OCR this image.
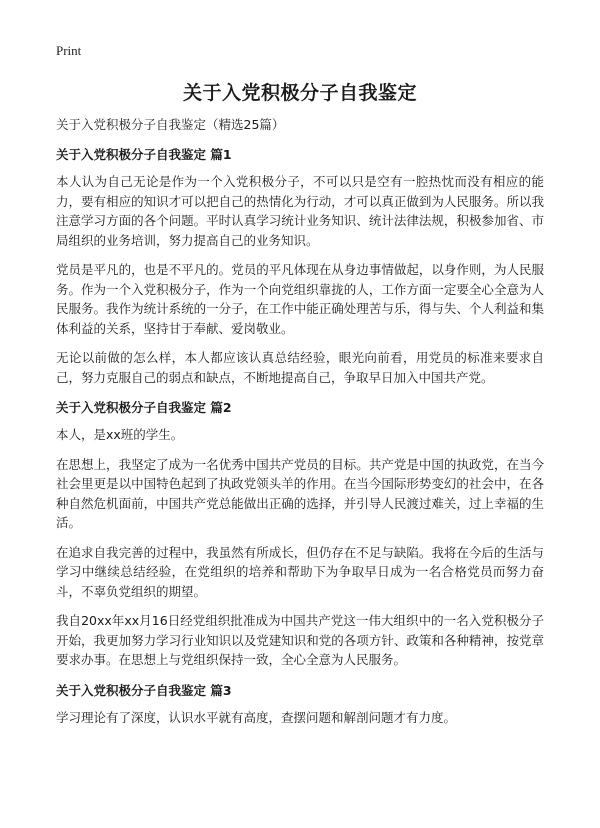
Print
关于入党积极分子自我鉴定
关于入党积极分子自我鉴定（精选25篇）
关于入党积极分子自我鉴定 篇1

本人认为自己无论是作为一个入党积极分子，不可以只是空有一腔热忱而没有相应的能力，要有相应的知识才可以把自己的热情化为行动，才可以真正做到为人民服务。所以我注意学习方面的各个问题。平时认真学习统计业务知识、统计法律法规，积极参加省、市局组织的业务培训，努力提高自己的业务知识。

党员是平凡的，也是不平凡的。党员的平凡体现在从身边事情做起，以身作则，为人民服务。作为一个入党积极分子，作为一个向党组织靠拢的人，工作方面一定要全心全意为人民服务。我作为统计系统的一分子，在工作中能正确处理苦与乐，得与失、个人利益和集体利益的关系，坚持甘于奉献、爱岗敬业。

无论以前做的怎么样，本人都应该认真总结经验，眼光向前看，用党员的标准来要求自己，努力克服自己的弱点和缺点，不断地提高自己，争取早日加入中国共产党。

关于入党积极分子自我鉴定 篇2

本人，是xx班的学生。

在思想上，我坚定了成为一名优秀中国共产党员的目标。共产党是中国的执政党，在当今社会里更是以中国特色起到了执政党领头羊的作用。在当今国际形势变幻的社会中，在各种自然危机面前，中国共产党总能做出正确的选择，并引导人民渡过难关，过上幸福的生活。

在追求自我完善的过程中，我虽然有所成长，但仍存在不足与缺陷。我将在今后的生活与学习中继续总结经验，在党组织的培养和帮助下为争取早日成为一名合格党员而努力奋斗，不辜负党组织的期望。

我自20xx年xx月16日经党组织批准成为中国共产党这一伟大组织中的一名入党积极分子开始，我更加努力学习行业知识以及党建知识和党的各项方针、政策和各种精神，按党章要求办事。在思想上与党组织保持一致，全心全意为人民服务。

关于入党积极分子自我鉴定 篇3

学习理论有了深度，认识水平就有高度，查摆问题和解剖问题才有力度。
